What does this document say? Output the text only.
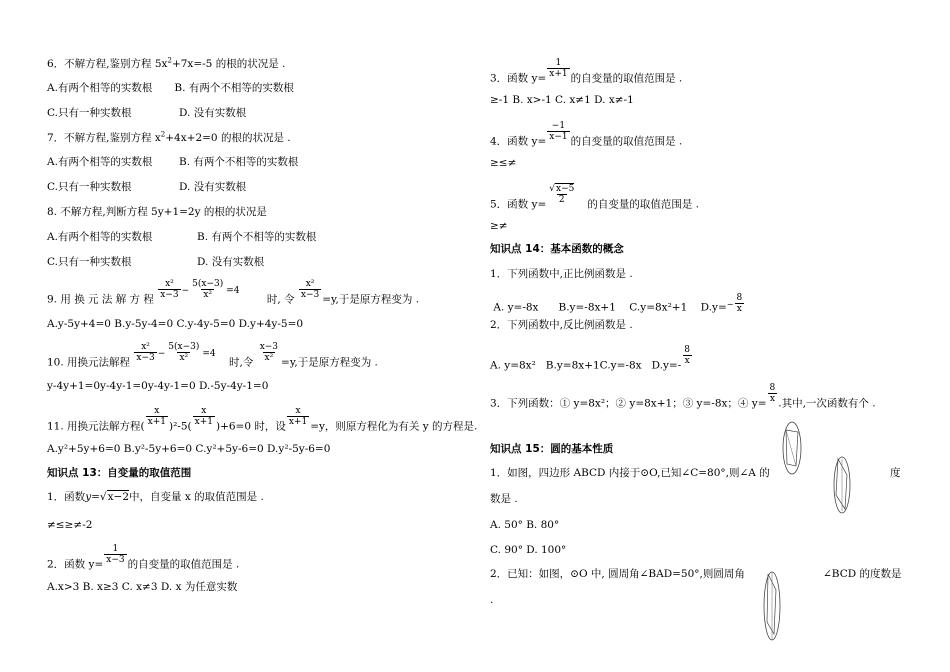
6．不解方程,鉴别方程 $5x^2+7x=-5$ 的根的状况是 .
A.有两个相等的实数根 B. 有两个不相等的实数根
C.只有一种实数根	D. 没有实数根
7．不解方程,鉴别方程 $x^2+4x+2=0$ 的根的状况是 .
A.有两个相等的实数根	B. 有两个不相等的实数根
C.只有一种实数根	D. 没有实数根
8. 不解方程,判断方程 5y+1=2y 的根的状况是
A.有两个相等的实数根	B. 有两个不相等的实数根
C.只有一种实数根	D. 没有实数根
9. 用 换 元 法 解 方 程 $\frac{\text{x²}}{x-3} - \frac{5(x-3)}{\text{x²}} =4$ 时, 令 $\frac{\text{x²}}{x-3} =y$,于是原方程变为 .
A.y-5y+4=0 B.y-5y-4=0 C.y-4y-5=0 D.y+4y-5=0
10. 用换元法解程 $\frac{\text{x²}}{x-3} - \frac{5(x-3)}{\text{x²}} =4$ 时,令 $\frac{x-3}{\text{x²}} =y$,于是原方程变为 .
y-4y+1=0y-4y-1=0y-4y-1=0 D.-5y-4y-1=0
11. 用换元法解方程( $\frac{x}{x+1} )^2-5( \frac{x}{x+1} )+6=0$ 时，设 $\frac{x}{x+1} =y$，则原方程化为有关 y 的方程是.
A.y²+5y+6=0 B.y²-5y+6=0 C.y²+5y-6=0 D.y²-5y-6=0
知识点 13：自变量的取值范围
1．函数y=√x−2中，自变量 x 的取值范围是 .
≠≤≥≠-2
2．函数 $y= \frac{1}{x-3}$ 的自变量的取值范围是 .
A.x>3 B. x≥3 C. x≠3 D. x 为任意实数
3．函数 $y= \frac{1}{x+1}$ 的自变量的取值范围是 .
≥-1 B. x>-1 C. x≠1 D. x≠-1
4．函数 $y= \frac{-1}{x-1}$ 的自变量的取值范围是 .
≥≤≠
5．函数 $y= \frac{√x-5}{2}$ 的自变量的取值范围是 .
≥≠
知识点 14：基本函数的概念
1．下列函数中,正比例函数是 .
A. y=-8x      B.y=-8x+1    C.y=8x²+1    $D.y=^- \frac{8}{x}$
2．下列函数中,反比例函数是 .
A. y=8x²   B.y=8x+1C.y=-8x   $D.y=- \frac{8}{x}$
3．下列函数：① y=8x²；② y=8x+1；③ y=-8x；④ $y= \frac{8}{x}$ .其中,一次函数有个 .
知识点 15：圆的基本性质
1．如图，四边形 ABCD 内接于⊙O,已知∠C=80°,则∠A 的	度
数是 .
A. 50° B. 80°
C. 90° D. 100°
2．已知：如图，⊙O 中, 圆周角∠BAD=50°,则圆周角	∠BCD 的度数是
.
